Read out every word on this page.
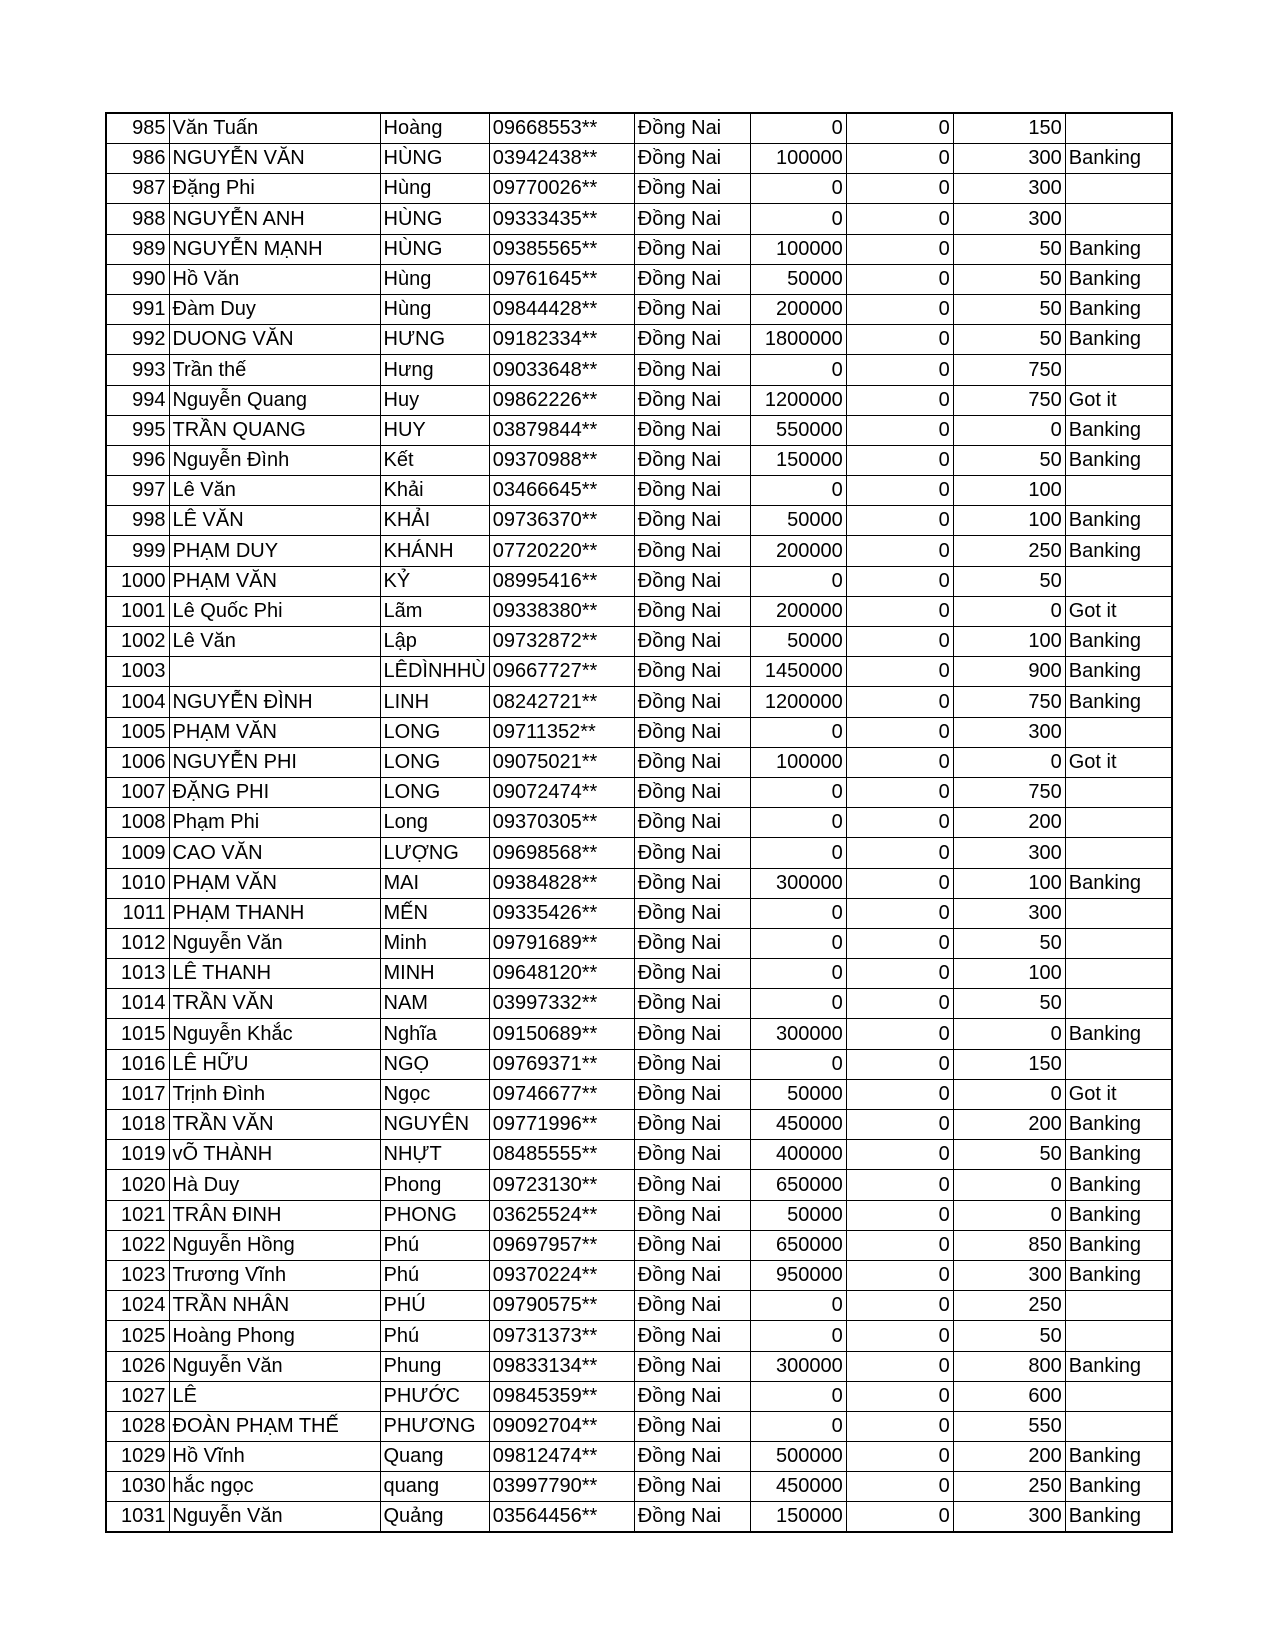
985	Văn Tuấn	Hoàng	09668553**	Đồng Nai	0	0	150	
986	NGUYỄN VĂN	HÙNG	03942438**	Đồng Nai	100000	0	300	Banking
987	Đặng Phi	Hùng	09770026**	Đồng Nai	0	0	300	
988	NGUYỄN ANH	HÙNG	09333435**	Đồng Nai	0	0	300	
989	NGUYỄN MẠNH	HÙNG	09385565**	Đồng Nai	100000	0	50	Banking
990	Hồ Văn	Hùng	09761645**	Đồng Nai	50000	0	50	Banking
991	Đàm Duy	Hùng	09844428**	Đồng Nai	200000	0	50	Banking
992	DUONG VĂN	HƯNG	09182334**	Đồng Nai	1800000	0	50	Banking
993	Trần thế	Hưng	09033648**	Đồng Nai	0	0	750	
994	Nguyễn Quang	Huy	09862226**	Đồng Nai	1200000	0	750	Got it
995	TRẦN QUANG	HUY	03879844**	Đồng Nai	550000	0	0	Banking
996	Nguyễn Đình	Kết	09370988**	Đồng Nai	150000	0	50	Banking
997	Lê Văn	Khải	03466645**	Đồng Nai	0	0	100	
998	LÊ VĂN	KHẢI	09736370**	Đồng Nai	50000	0	100	Banking
999	PHẠM DUY	KHÁNH	07720220**	Đồng Nai	200000	0	250	Banking
1000	PHẠM VĂN	KỶ	08995416**	Đồng Nai	0	0	50	
1001	Lê Quốc Phi	Lãm	09338380**	Đồng Nai	200000	0	0	Got it
1002	Lê Văn	Lập	09732872**	Đồng Nai	50000	0	100	Banking
1003		LÊDÌNHHÙ	09667727**	Đồng Nai	1450000	0	900	Banking
1004	NGUYỄN ĐÌNH	LINH	08242721**	Đồng Nai	1200000	0	750	Banking
1005	PHẠM VĂN	LONG	09711352**	Đồng Nai	0	0	300	
1006	NGUYỄN PHI	LONG	09075021**	Đồng Nai	100000	0	0	Got it
1007	ĐẶNG PHI	LONG	09072474**	Đồng Nai	0	0	750	
1008	Phạm Phi	Long	09370305**	Đồng Nai	0	0	200	
1009	CAO VĂN	LƯỢNG	09698568**	Đồng Nai	0	0	300	
1010	PHẠM VĂN	MAI	09384828**	Đồng Nai	300000	0	100	Banking
1011	PHẠM THANH	MẾN	09335426**	Đồng Nai	0	0	300	
1012	Nguyễn Văn	Minh	09791689**	Đồng Nai	0	0	50	
1013	LÊ THANH	MINH	09648120**	Đồng Nai	0	0	100	
1014	TRẦN VĂN	NAM	03997332**	Đồng Nai	0	0	50	
1015	Nguyễn Khắc	Nghĩa	09150689**	Đồng Nai	300000	0	0	Banking
1016	LÊ HỮU	NGỌ	09769371**	Đồng Nai	0	0	150	
1017	Trịnh Đình	Ngọc	09746677**	Đồng Nai	50000	0	0	Got it
1018	TRẦN VĂN	NGUYÊN	09771996**	Đồng Nai	450000	0	200	Banking
1019	vÕ THÀNH	NHỰT	08485555**	Đồng Nai	400000	0	50	Banking
1020	Hà Duy	Phong	09723130**	Đồng Nai	650000	0	0	Banking
1021	TRÂN ĐINH	PHONG	03625524**	Đồng Nai	50000	0	0	Banking
1022	Nguyễn Hồng	Phú	09697957**	Đồng Nai	650000	0	850	Banking
1023	Trương Vĩnh	Phú	09370224**	Đồng Nai	950000	0	300	Banking
1024	TRẦN NHÂN	PHÚ	09790575**	Đồng Nai	0	0	250	
1025	Hoàng Phong	Phú	09731373**	Đồng Nai	0	0	50	
1026	Nguyễn Văn	Phung	09833134**	Đồng Nai	300000	0	800	Banking
1027	LÊ	PHƯỚC	09845359**	Đồng Nai	0	0	600	
1028	ĐOÀN PHẠM THẾ	PHƯƠNG	09092704**	Đồng Nai	0	0	550	
1029	Hồ Vĩnh	Quang	09812474**	Đồng Nai	500000	0	200	Banking
1030	hắc ngọc	quang	03997790**	Đồng Nai	450000	0	250	Banking
1031	Nguyễn Văn	Quảng	03564456**	Đồng Nai	150000	0	300	Banking
